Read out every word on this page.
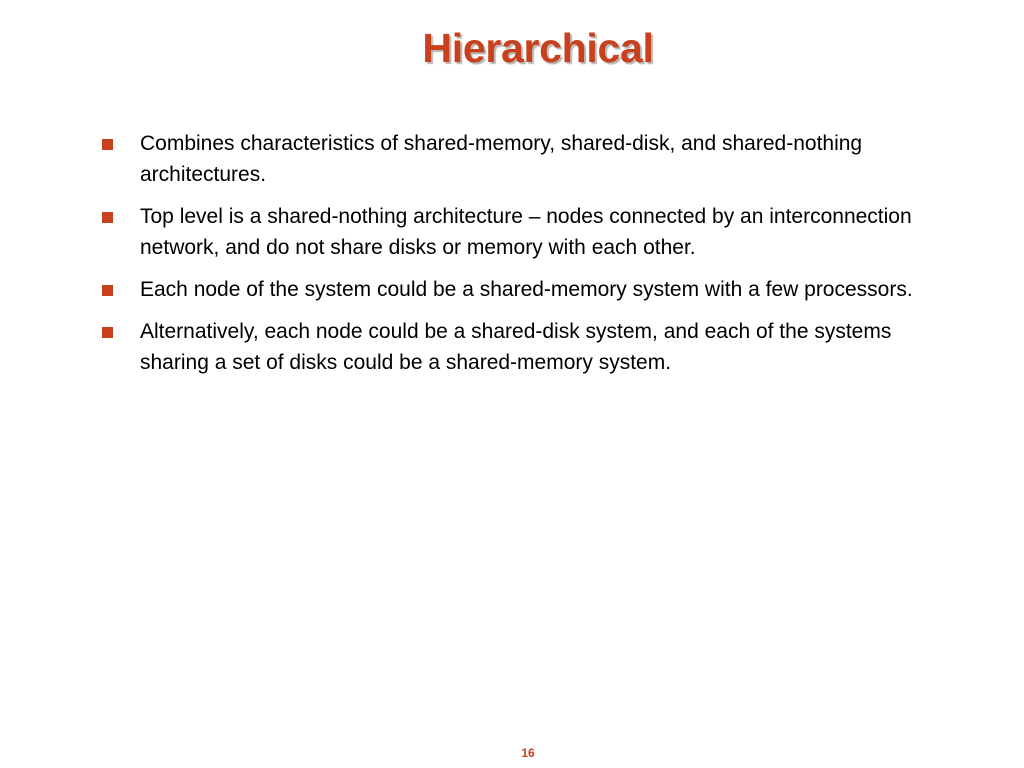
Hierarchical
Combines characteristics of shared-memory, shared-disk, and shared-nothing architectures.
Top level is a shared-nothing architecture – nodes connected by an interconnection network, and do not share disks or memory with each other.
Each node of the system could be a shared-memory system with a few processors.
Alternatively, each node could be a shared-disk system, and each of the systems sharing a set of disks could be a shared-memory system.
16
